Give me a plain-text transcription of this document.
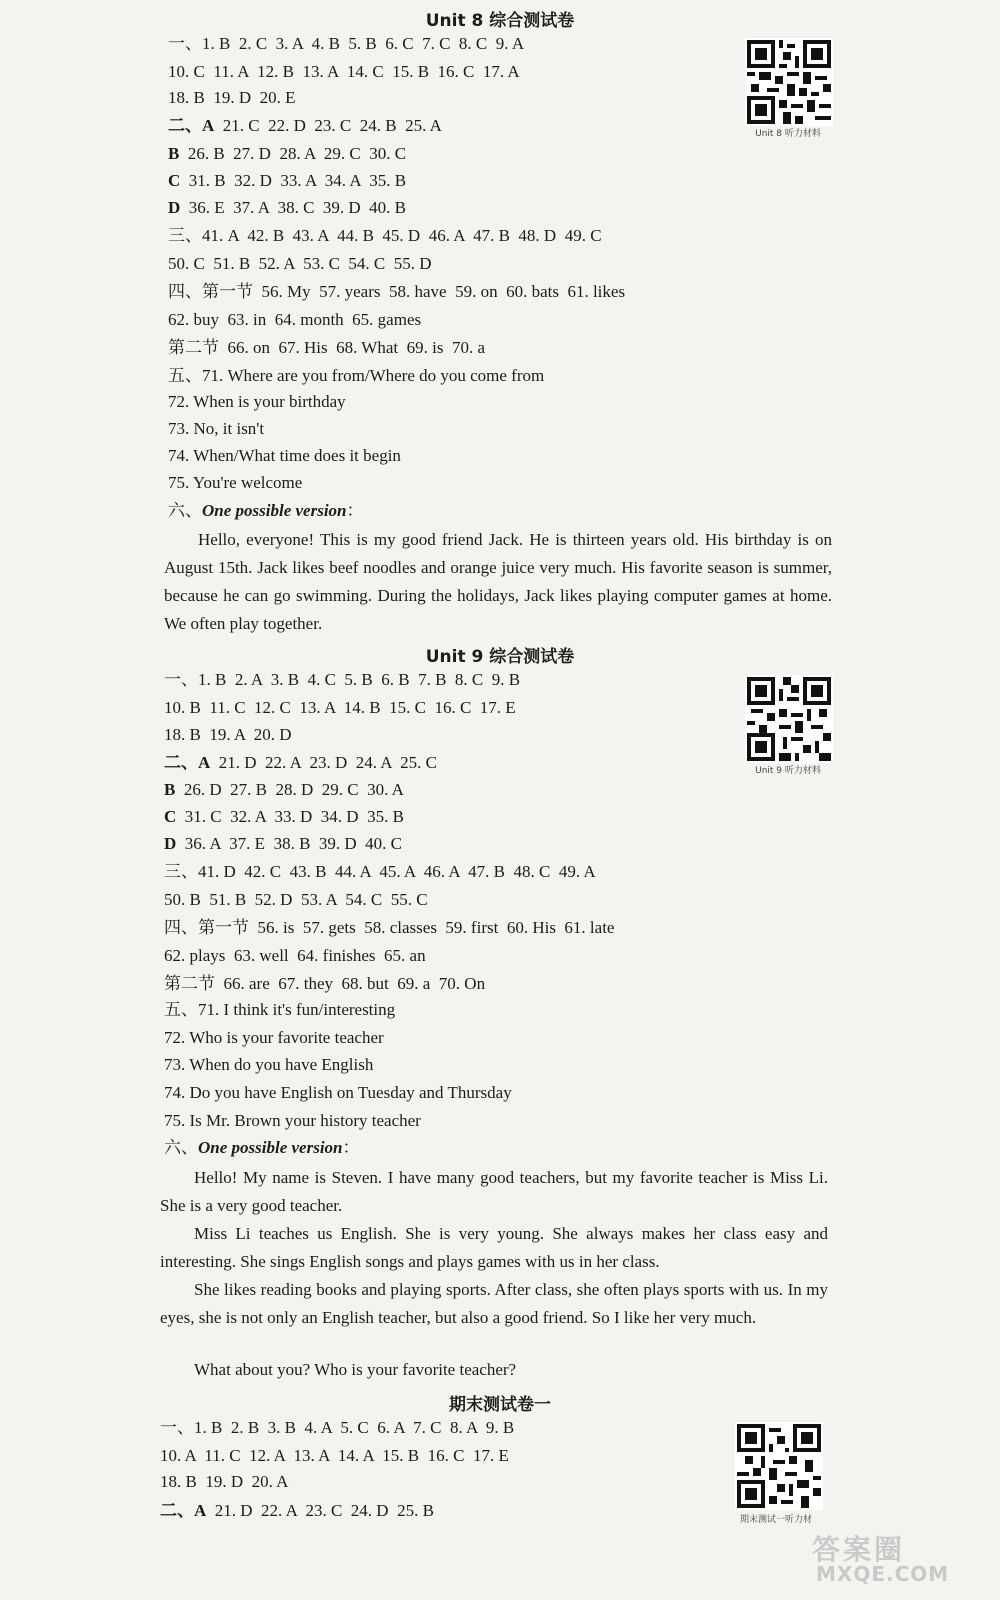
Unit 8 综合测试卷
一、1. B  2. C  3. A  4. B  5. B  6. C  7. C  8. C  9. A
10. C  11. A  12. B  13. A  14. C  15. B  16. C  17. A
18. B  19. D  20. E
二、A  21. C  22. D  23. C  24. B  25. A
B  26. B  27. D  28. A  29. C  30. C
C  31. B  32. D  33. A  34. A  35. B
D  36. E  37. A  38. C  39. D  40. B
三、41. A  42. B  43. A  44. B  45. D  46. A  47. B  48. D  49. C
50. C  51. B  52. A  53. C  54. C  55. D
四、第一节  56. My  57. years  58. have  59. on  60. bats  61. likes
62. buy  63. in  64. month  65. games
第二节  66. on  67. His  68. What  69. is  70. a
五、71. Where are you from/Where do you come from
72. When is your birthday
73. No, it isn't
74. When/What time does it begin
75. You're welcome
六、One possible version：
Hello, everyone! This is my good friend Jack. He is thirteen years old. His birthday is on August 15th. Jack likes beef noodles and orange juice very much. His favorite season is summer, because he can go swimming. During the holidays, Jack likes playing computer games at home. We often play together.
Unit 8 听力材料
Unit 9 综合测试卷
一、1. B  2. A  3. B  4. C  5. B  6. B  7. B  8. C  9. B
10. B  11. C  12. C  13. A  14. B  15. C  16. C  17. E
18. B  19. A  20. D
二、A  21. D  22. A  23. D  24. A  25. C
B  26. D  27. B  28. D  29. C  30. A
C  31. C  32. A  33. D  34. D  35. B
D  36. A  37. E  38. B  39. D  40. C
三、41. D  42. C  43. B  44. A  45. A  46. A  47. B  48. C  49. A
50. B  51. B  52. D  53. A  54. C  55. C
四、第一节  56. is  57. gets  58. classes  59. first  60. His  61. late
62. plays  63. well  64. finishes  65. an
第二节  66. are  67. they  68. but  69. a  70. On
五、71. I think it's fun/interesting
72. Who is your favorite teacher
73. When do you have English
74. Do you have English on Tuesday and Thursday
75. Is Mr. Brown your history teacher
六、One possible version：
Hello! My name is Steven. I have many good teachers, but my favorite teacher is Miss Li. She is a very good teacher.
Miss Li teaches us English. She is very young. She always makes her class easy and interesting. She sings English songs and plays games with us in her class.
She likes reading books and playing sports. After class, she often plays sports with us. In my eyes, she is not only an English teacher, but also a good friend. So I like her very much.
What about you? Who is your favorite teacher?
Unit 9 听力材料
期末测试卷一
一、1. B  2. B  3. B  4. A  5. C  6. A  7. C  8. A  9. B
10. A  11. C  12. A  13. A  14. A  15. B  16. C  17. E
18. B  19. D  20. A
二、A  21. D  22. A  23. C  24. D  25. B	期末测试一听力材
答案圈
MXQE.COM
